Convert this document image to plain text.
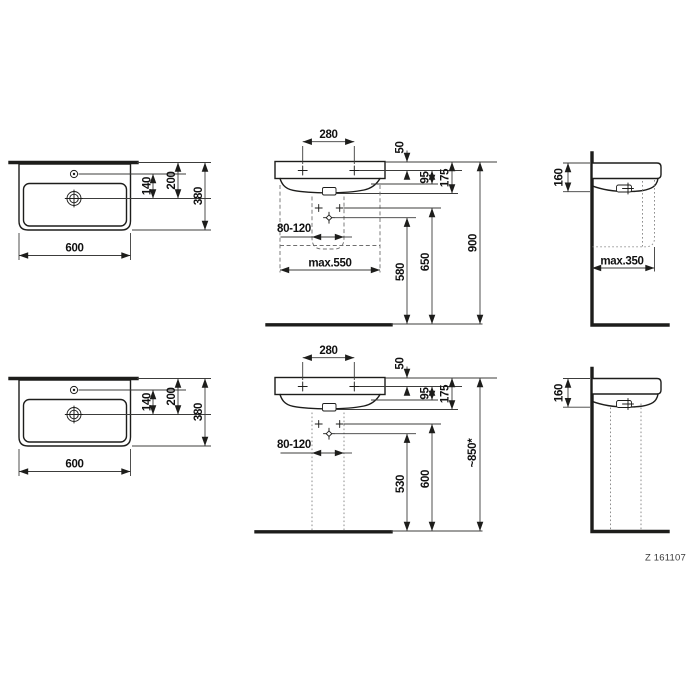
140 200
380
600
280
50
95 175
80-120
max.550	580
650
900
max.350
160
140 200
380
600
280
50
95 175
80-120
530 600
~850*
160
Z 161107
